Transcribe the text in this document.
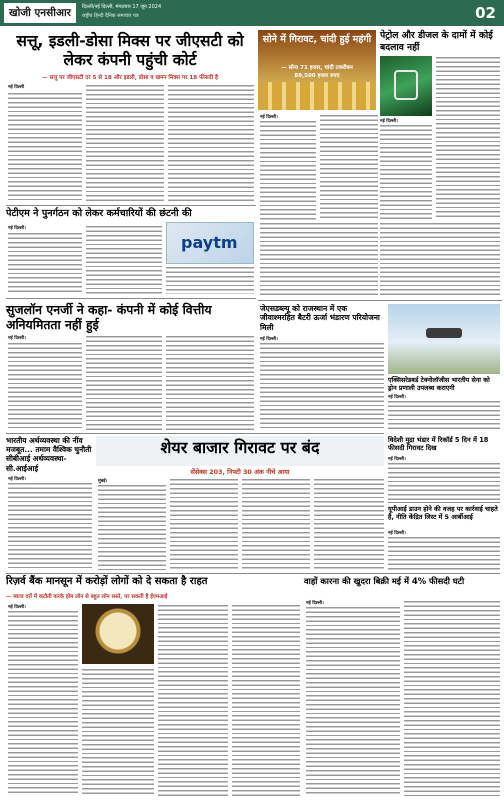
खोजी एनसीआर	दिल्ली/नई दिल्ली, मंगलवार 17 जून 2024
राष्ट्रीय हिन्दी दैनिक समाचार पत्र	02
सत्तू, इडली-डोसा मिक्स पर जीएसटी को लेकर कंपनी पहुंची कोर्ट
— सत्तू पर जीएसटी दर 5 से 18 और इडली, डोसा व खमन मिक्स पर 18 फीसदी है
नई दिल्ली
पेटीएम ने पुनर्गठन को लेकर कर्मचारियों की छंटनी की
नई दिल्ली।
paytm
सोने में गिरावट, चांदी हुई महंगी
— सोना 71 हजार, चांदी तकरीबन
89,500 हजार रुपए
नई दिल्ली।
पेट्रोल और डीजल के दामों में कोई बदलाव नहीं
नई दिल्ली।
सुजलॉन एनर्जी ने कहा- कंपनी में कोई वित्तीय अनियमितता नहीं हुई
नई दिल्ली।
जेएसडब्ल्यू को राजस्थान में एक जीवाश्मरहित बैटरी ऊर्जा भंडारण परियोजना मिली
नई दिल्ली।
एक्सिसरेडबर्ड टेक्नोलॉजीस भारतीय सेना को ड्रोन प्रणाली उपलब्ध कराएगी
नई दिल्ली।
भारतीय अर्थव्यवस्था की नींव मजबूत... तमाम वैश्विक चुनौती सीबीआई अर्थव्यवस्था- सी.आईआई
नई दिल्ली।
शेयर बाजार गिरावट पर बंद
सेंसेक्स 203, निफ्टी 30 अंक नीचे आया
मुंबई।
विदेशी मुद्रा भंडार में रिकॉर्ड 5 दिन में 18 फीसदी गिरावट दिख
नई दिल्ली।
यूपीआई डाउन होने की वजह पर कार्रवाई चाहते हैं, नीति केंद्रित लिस्ट में 5 आर्बीआई
नई दिल्ली।
रिज़र्व बैंक मानसून में करोड़ों लोगों को दे सकता है राहत
— ब्याज दरों में कटौती करके होम लोन से बहुत लोन सस्ते, पर सकती है ईएमआई
नई दिल्ली।
वाहों कारना की खुदरा बिक्री मई में 4% फीसदी घटी
नई दिल्ली।
